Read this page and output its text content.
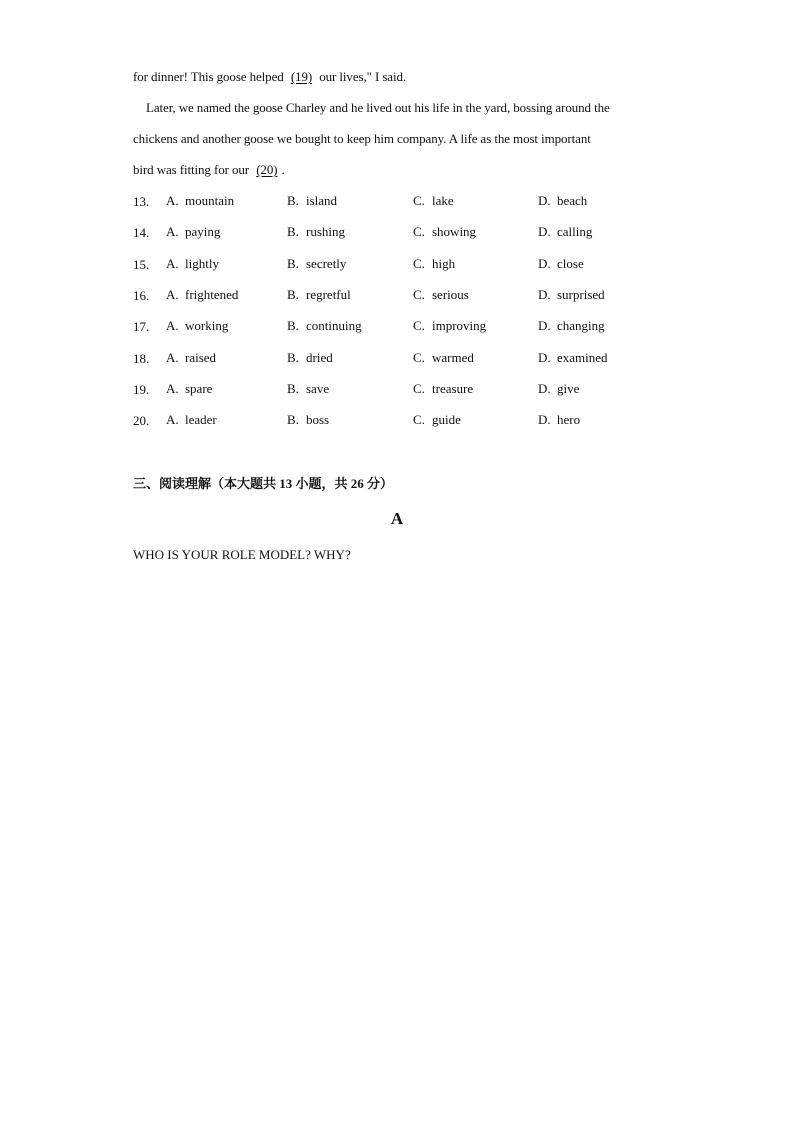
for dinner! This goose helped (19) our lives," I said.
Later, we named the goose Charley and he lived out his life in the yard, bossing around the
chickens and another goose we bought to keep him company. A life as the most important
bird was fitting for our (20) .
13. A. mountain	B. island	C. lake	D. beach
14. A. paying	B. rushing	C. showing	D. calling
15. A. lightly	B. secretly	C. high	D. close
16. A. frightened	B. regretful	C. serious	D. surprised
17. A. working	B. continuing	C. improving	D. changing
18. A. raised	B. dried	C. warmed	D. examined
19. A. spare	B. save	C. treasure	D. give
20. A. leader	B. boss	C. guide	D. hero
三、阅读理解（本大题共 13 小题，共 26 分）
A
WHO IS YOUR ROLE MODEL? WHY?
